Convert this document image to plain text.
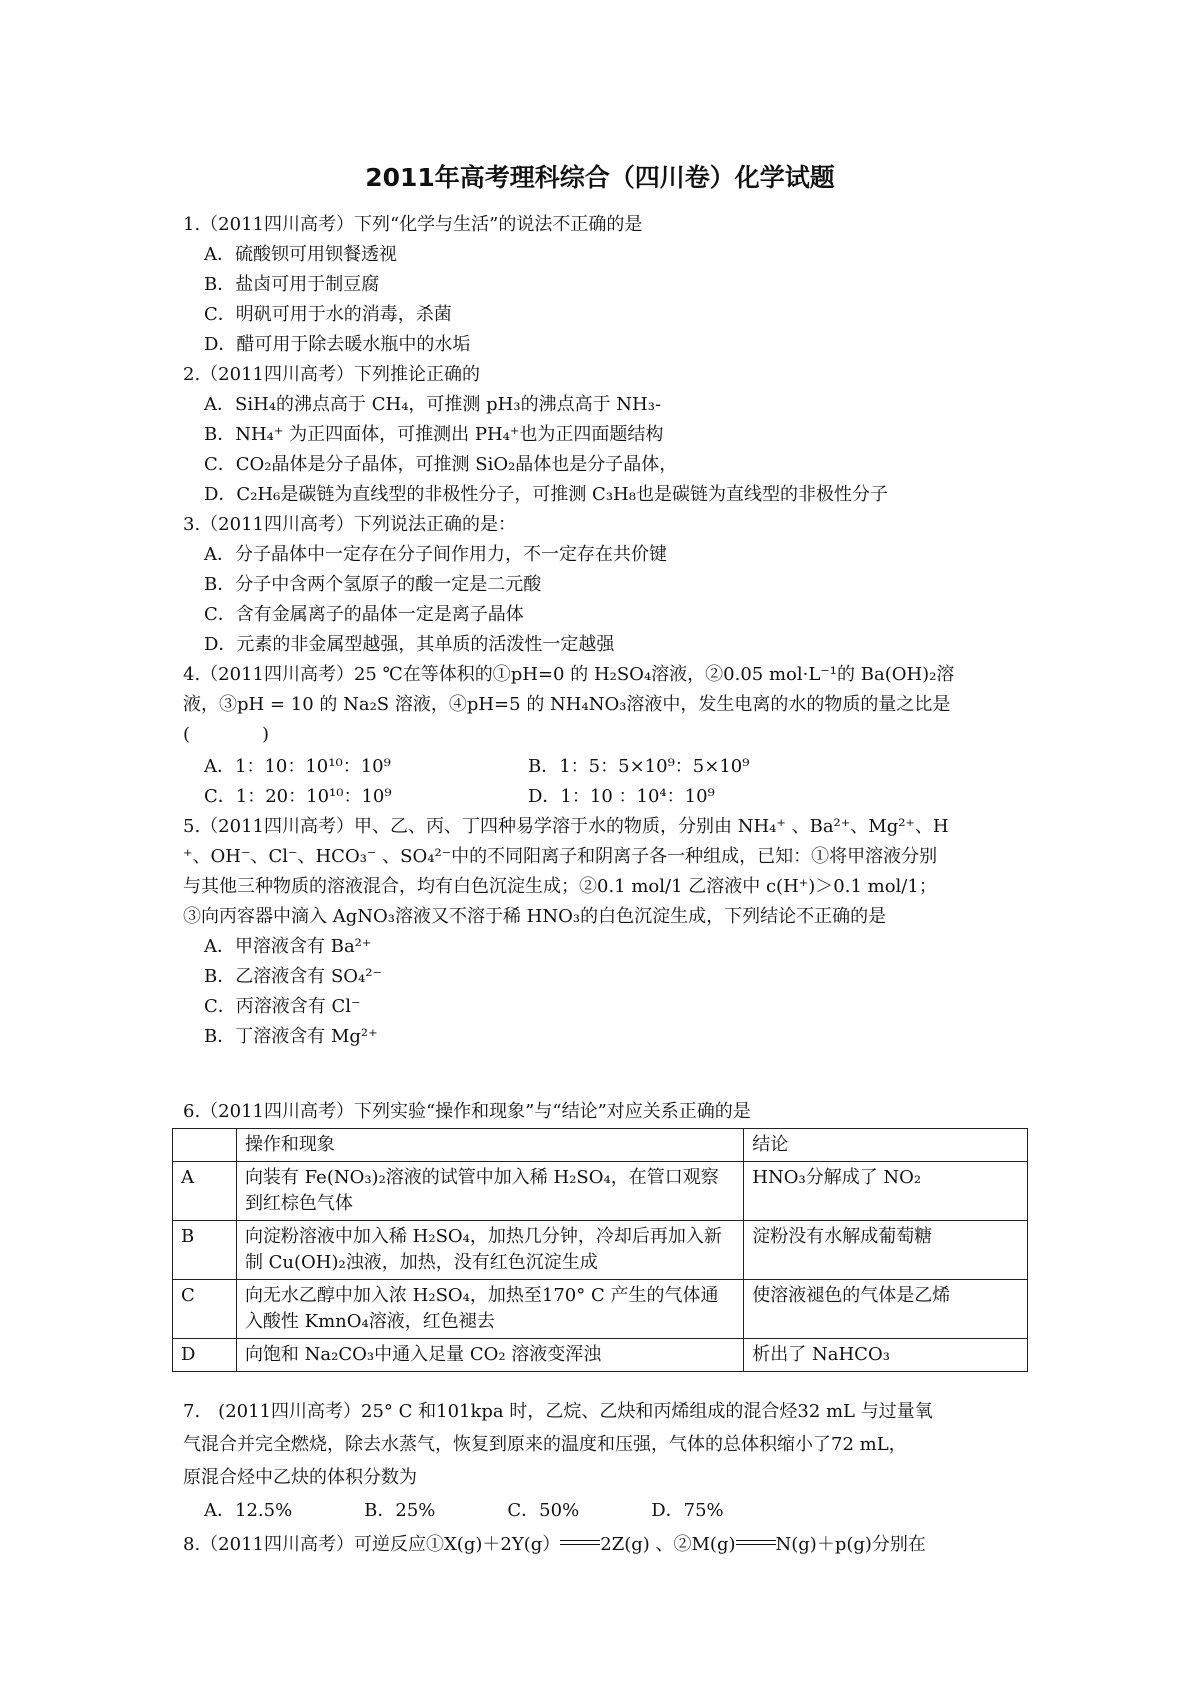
2011年高考理科综合（四川卷）化学试题
1.（2011四川高考）下列“化学与生活”的说法不正确的是
A．硫酸钡可用钡餐透视
B．盐卤可用于制豆腐
C．明矾可用于水的消毒，杀菌
D．醋可用于除去暖水瓶中的水垢
2.（2011四川高考）下列推论正确的
A．SiH₄的沸点高于 CH₄，可推测 pH₃的沸点高于 NH₃-
B．NH₄⁺ 为正四面体，可推测出 PH₄⁺也为正四面题结构
C．CO₂晶体是分子晶体，可推测 SiO₂晶体也是分子晶体，
D．C₂H₆是碳链为直线型的非极性分子，可推测 C₃H₈也是碳链为直线型的非极性分子
3.（2011四川高考）下列说法正确的是：
A．分子晶体中一定存在分子间作用力，不一定存在共价键
B．分子中含两个氢原子的酸一定是二元酸
C．含有金属离子的晶体一定是离子晶体
D．元素的非金属型越强，其单质的活泼性一定越强
4.（2011四川高考）25 ℃在等体积的①pH=0 的 H₂SO₄溶液，②0.05 mol·L⁻¹的 Ba(OH)₂溶
液，③pH = 10 的 Na₂S 溶液，④pH=5 的 NH₄NO₃溶液中，发生电离的水的物质的量之比是
(　　　　)
A．1：10：10¹⁰：10⁹	B．1：5：5×10⁹：5×10⁹
C．1：20：10¹⁰：10⁹	D．1：10 ：10⁴：10⁹
5.（2011四川高考）甲、乙、丙、丁四种易学溶于水的物质，分别由 NH₄⁺ 、Ba²⁺、Mg²⁺、H
⁺、OH⁻、Cl⁻、HCO₃⁻ 、SO₄²⁻中的不同阳离子和阴离子各一种组成，已知：①将甲溶液分别
与其他三种物质的溶液混合，均有白色沉淀生成；②0.1 mol/1 乙溶液中 c(H⁺)＞0.1 mol/1；
③向丙容器中滴入 AgNO₃溶液又不溶于稀 HNO₃的白色沉淀生成，下列结论不正确的是
A．甲溶液含有 Ba²⁺
B．乙溶液含有 SO₄²⁻
C．丙溶液含有 Cl⁻
B．丁溶液含有 Mg²⁺
6.（2011四川高考）下列实验“操作和现象”与“结论”对应关系正确的是
	操作和现象	结论
A	向装有 Fe(NO₃)₂溶液的试管中加入稀 H₂SO₄，在管口观察到红棕色气体	HNO₃分解成了 NO₂
B	向淀粉溶液中加入稀 H₂SO₄，加热几分钟，冷却后再加入新制 Cu(OH)₂浊液，加热，没有红色沉淀生成	淀粉没有水解成葡萄糖
C	向无水乙醇中加入浓 H₂SO₄，加热至170° C 产生的气体通入酸性 KmnO₄溶液，红色褪去	使溶液褪色的气体是乙烯
D	向饱和 Na₂CO₃中通入足量 CO₂ 溶液变浑浊	析出了 NaHCO₃
7.　(2011四川高考）25° C 和101kpa 时，乙烷、乙炔和丙烯组成的混合烃32 mL 与过量氧
气混合并完全燃烧，除去水蒸气，恢复到原来的温度和压强，气体的总体积缩小了72 mL，
原混合烃中乙炔的体积分数为
A．12.5%　　　　B．25%　　　　C．50%　　　　D．75%
8.（2011四川高考）可逆反应①X(g)＋2Y(g） 2Z(g) 、②M(g) N(g)＋p(g)分别在
